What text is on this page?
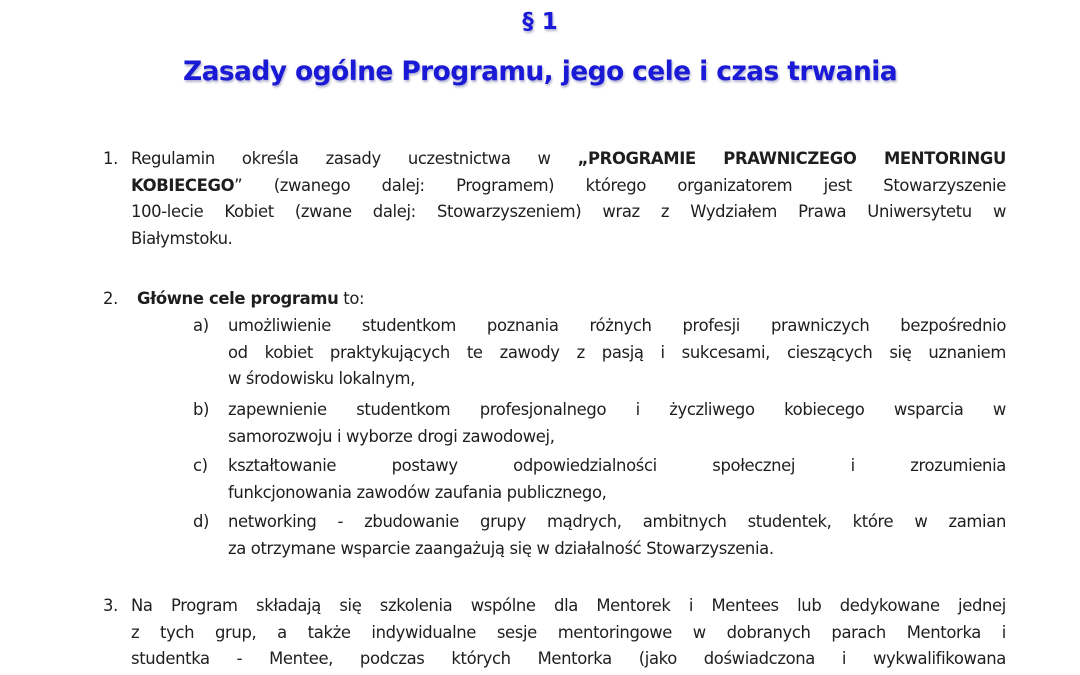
§ 1
Zasady ogólne Programu, jego cele i czas trwania
1. Regulamin określa zasady uczestnictwa w „PROGRAMIE PRAWNICZEGO MENTORINGU
KOBIECEGO” (zwanego dalej: Programem) którego organizatorem jest Stowarzyszenie
100-lecie Kobiet (zwane dalej: Stowarzyszeniem) wraz z Wydziałem Prawa Uniwersytetu w
Białymstoku.
2.	Główne cele programu to:
a)	umożliwienie studentkom poznania różnych profesji prawniczych bezpośrednio
od kobiet praktykujących te zawody z pasją i sukcesami, cieszących się uznaniem
w środowisku lokalnym,
b)	zapewnienie studentkom profesjonalnego i życzliwego kobiecego wsparcia w
samorozwoju i wyborze drogi zawodowej,
c)	kształtowanie postawy odpowiedzialności społecznej i zrozumienia
funkcjonowania zawodów zaufania publicznego,
d)	networking - zbudowanie grupy mądrych, ambitnych studentek, które w zamian
za otrzymane wsparcie zaangażują się w działalność Stowarzyszenia.
3. Na Program składają się szkolenia wspólne dla Mentorek i Mentees lub dedykowane jednej
z tych grup, a także indywidualne sesje mentoringowe w dobranych parach Mentorka i
studentka - Mentee, podczas których Mentorka (jako doświadczona i wykwalifikowana
